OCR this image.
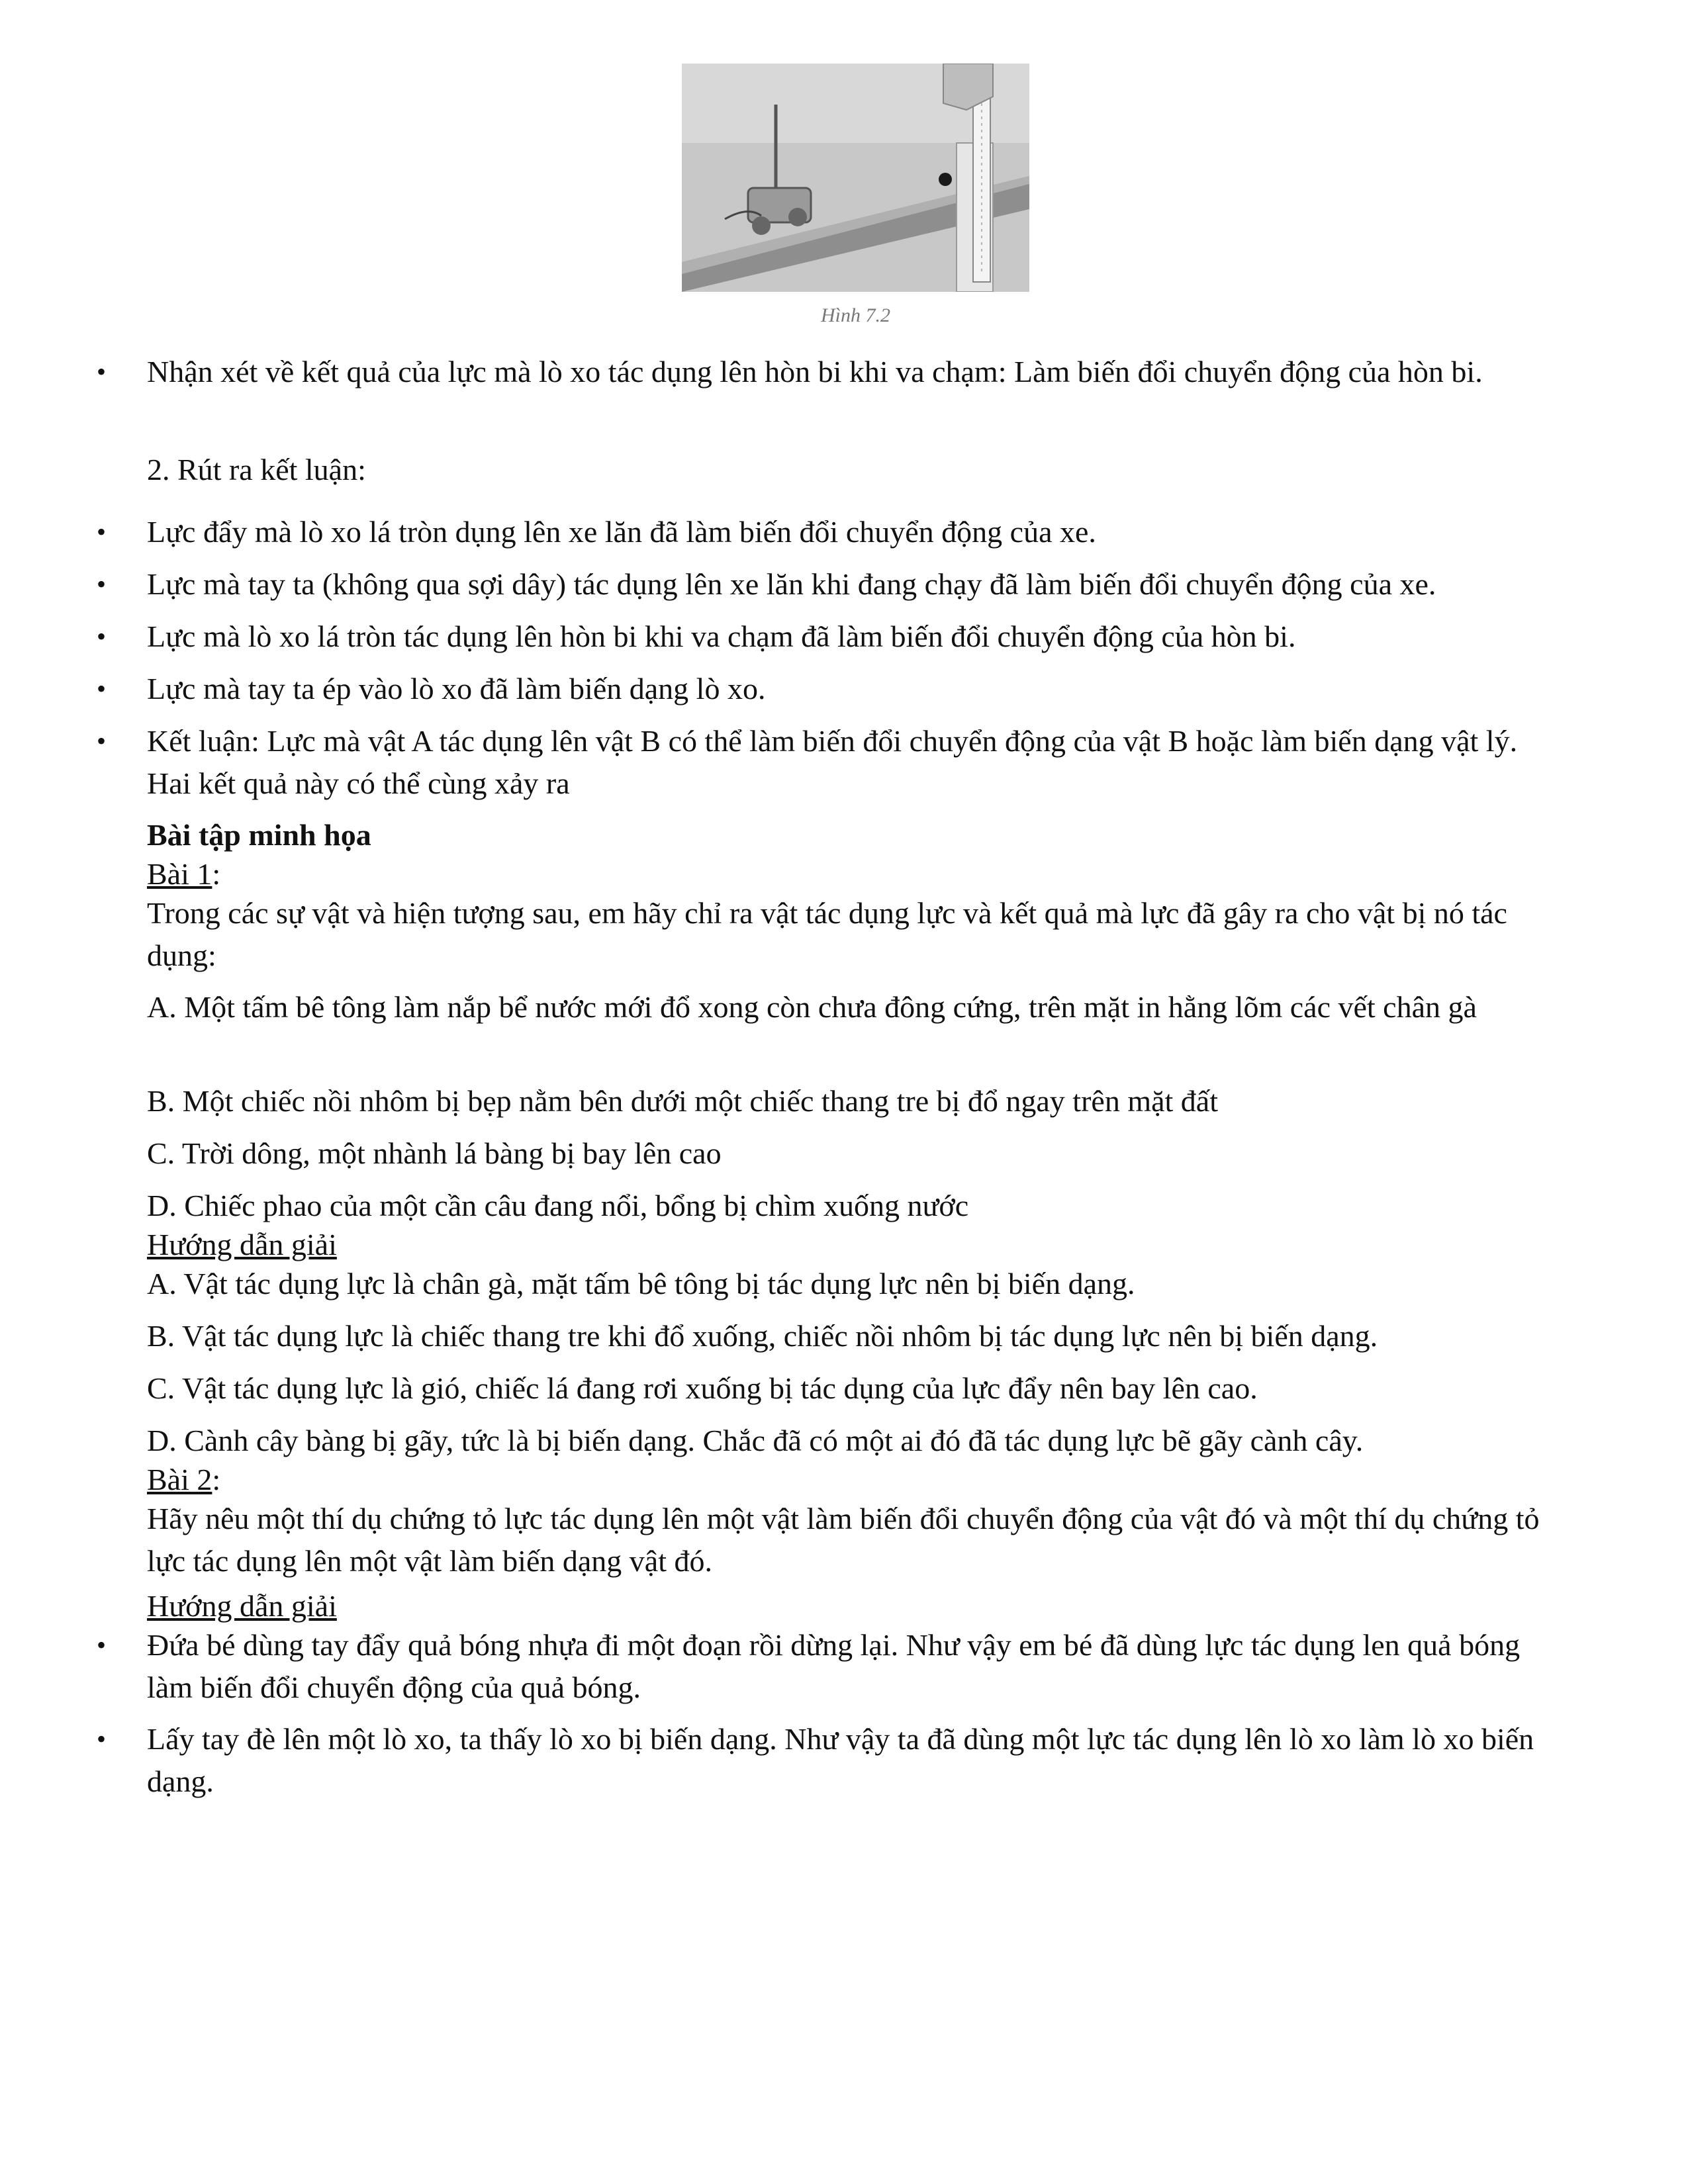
Hình 7.2
• Nhận xét về kết quả của lực mà lò xo tác dụng lên hòn bi khi va chạm: Làm biến đổi chuyển động của hòn bi.
2. Rút ra kết luận:
• Lực đẩy mà lò xo lá tròn dụng lên xe lăn đã làm biến đổi chuyển động của xe.
• Lực mà tay ta (không qua sợi dây) tác dụng lên xe lăn khi đang chạy đã làm biến đổi chuyển động của xe.
• Lực mà lò xo lá tròn tác dụng lên hòn bi khi va chạm đã làm biến đổi chuyển động của hòn bi.
• Lực mà tay ta ép vào lò xo đã làm biến dạng lò xo.
• Kết luận: Lực mà vật A tác dụng lên vật B có thể làm biến đổi chuyển động của vật B hoặc làm biến dạng vật lý. Hai kết quả này có thể cùng xảy ra
Bài tập minh họa
Bài 1:
Trong các sự vật và hiện tượng sau, em hãy chỉ ra vật tác dụng lực và kết quả mà lực đã gây ra cho vật bị nó tác dụng:
A. Một tấm bê tông làm nắp bể nước mới đổ xong còn chưa đông cứng, trên mặt in hằng lõm các vết chân gà
B. Một chiếc nồi nhôm bị bẹp nằm bên dưới một chiếc thang tre bị đổ ngay trên mặt đất
C. Trời dông, một nhành lá bàng bị bay lên cao
D. Chiếc phao của một cần câu đang nổi, bổng bị chìm xuống nước
Hướng dẫn giải
A. Vật tác dụng lực là chân gà, mặt tấm bê tông bị tác dụng lực nên bị biến dạng.
B. Vật tác dụng lực là chiếc thang tre khi đổ xuống, chiếc nồi nhôm bị tác dụng lực nên bị biến dạng.
C. Vật tác dụng lực là gió, chiếc lá đang rơi xuống bị tác dụng của lực đẩy nên bay lên cao.
D. Cành cây bàng bị gãy, tức là bị biến dạng. Chắc đã có một ai đó đã tác dụng lực bẽ gãy cành cây.
Bài 2:
Hãy nêu một thí dụ chứng tỏ lực tác dụng lên một vật làm biến đổi chuyển động của vật đó và một thí dụ chứng tỏ lực tác dụng lên một vật làm biến dạng vật đó.
Hướng dẫn giải
• Đứa bé dùng tay đẩy quả bóng nhựa đi một đoạn rồi dừng lại. Như vậy em bé đã dùng lực tác dụng len quả bóng làm biến đổi chuyển động của quả bóng.
• Lấy tay đè lên một lò xo, ta thấy lò xo bị biến dạng. Như vậy ta đã dùng một lực tác dụng lên lò xo làm lò xo biến dạng.
